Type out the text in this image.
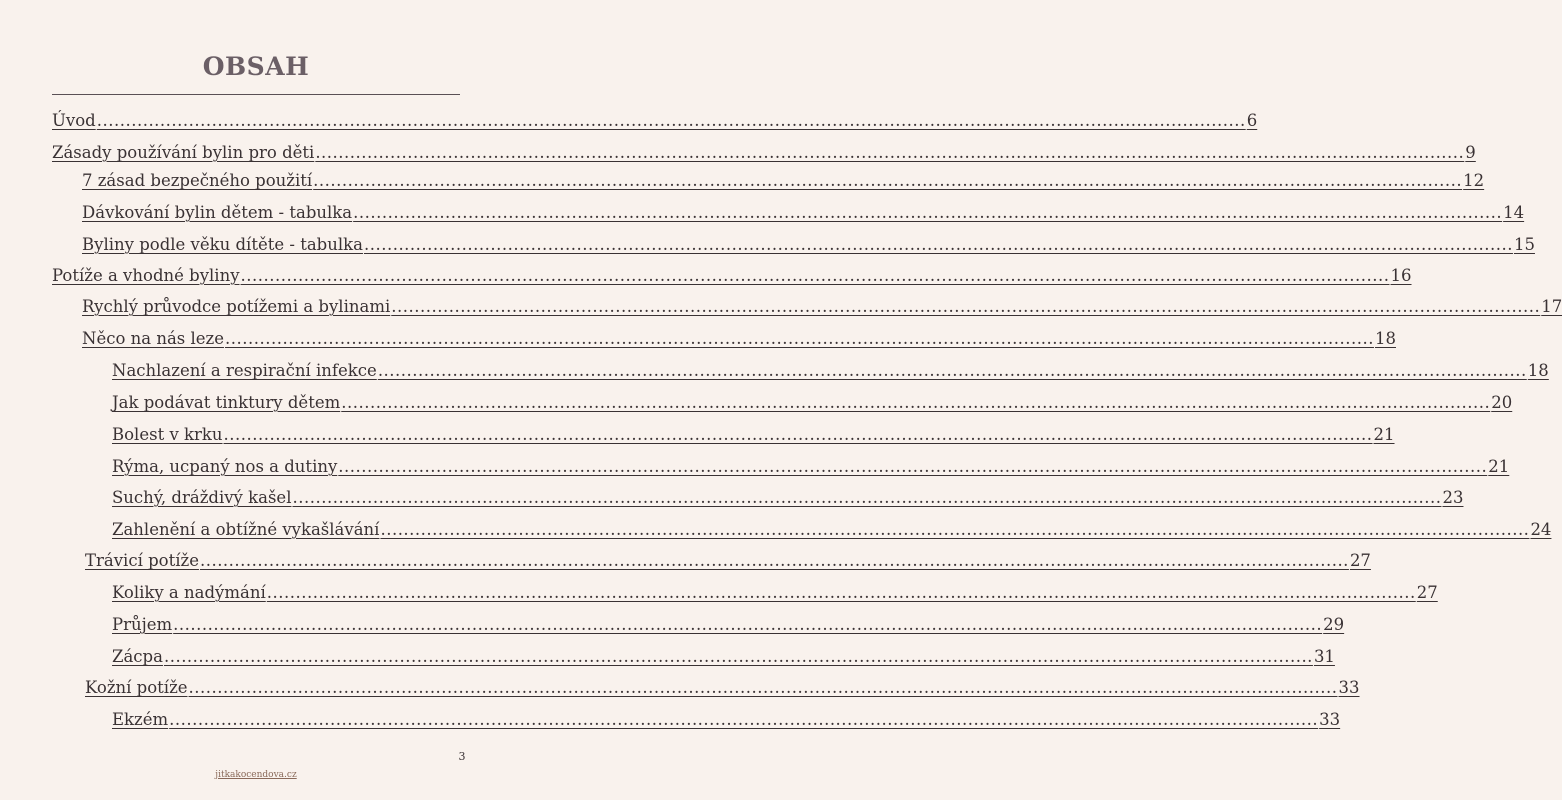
OBSAH
Úvod ........................................................................................................................................................................................................ 6
Zásady používání bylin pro děti ........................................................................................................................................................................................................ 9
7 zásad bezpečného použití ........................................................................................................................................................................................................ 12
Dávkování bylin dětem - tabulka ........................................................................................................................................................................................................ 14
Byliny podle věku dítěte - tabulka ........................................................................................................................................................................................................ 15
Potíže a vhodné byliny ........................................................................................................................................................................................................ 16
Rychlý průvodce potížemi a bylinami ........................................................................................................................................................................................................ 17
Něco na nás leze ........................................................................................................................................................................................................ 18
Nachlazení a respirační infekce ........................................................................................................................................................................................................ 18
Jak podávat tinktury dětem ........................................................................................................................................................................................................ 20
Bolest v krku ........................................................................................................................................................................................................ 21
Rýma, ucpaný nos a dutiny ........................................................................................................................................................................................................ 21
Suchý, dráždivý kašel ........................................................................................................................................................................................................ 23
Zahlenění a obtížné vykašlávání ........................................................................................................................................................................................................ 24
Trávicí potíže ........................................................................................................................................................................................................ 27
Koliky a nadýmání ........................................................................................................................................................................................................ 27
Průjem ........................................................................................................................................................................................................ 29
Zácpa ........................................................................................................................................................................................................ 31
Kožní potíže ........................................................................................................................................................................................................ 33
Ekzém ........................................................................................................................................................................................................ 33
3
jitkakocendova.cz
